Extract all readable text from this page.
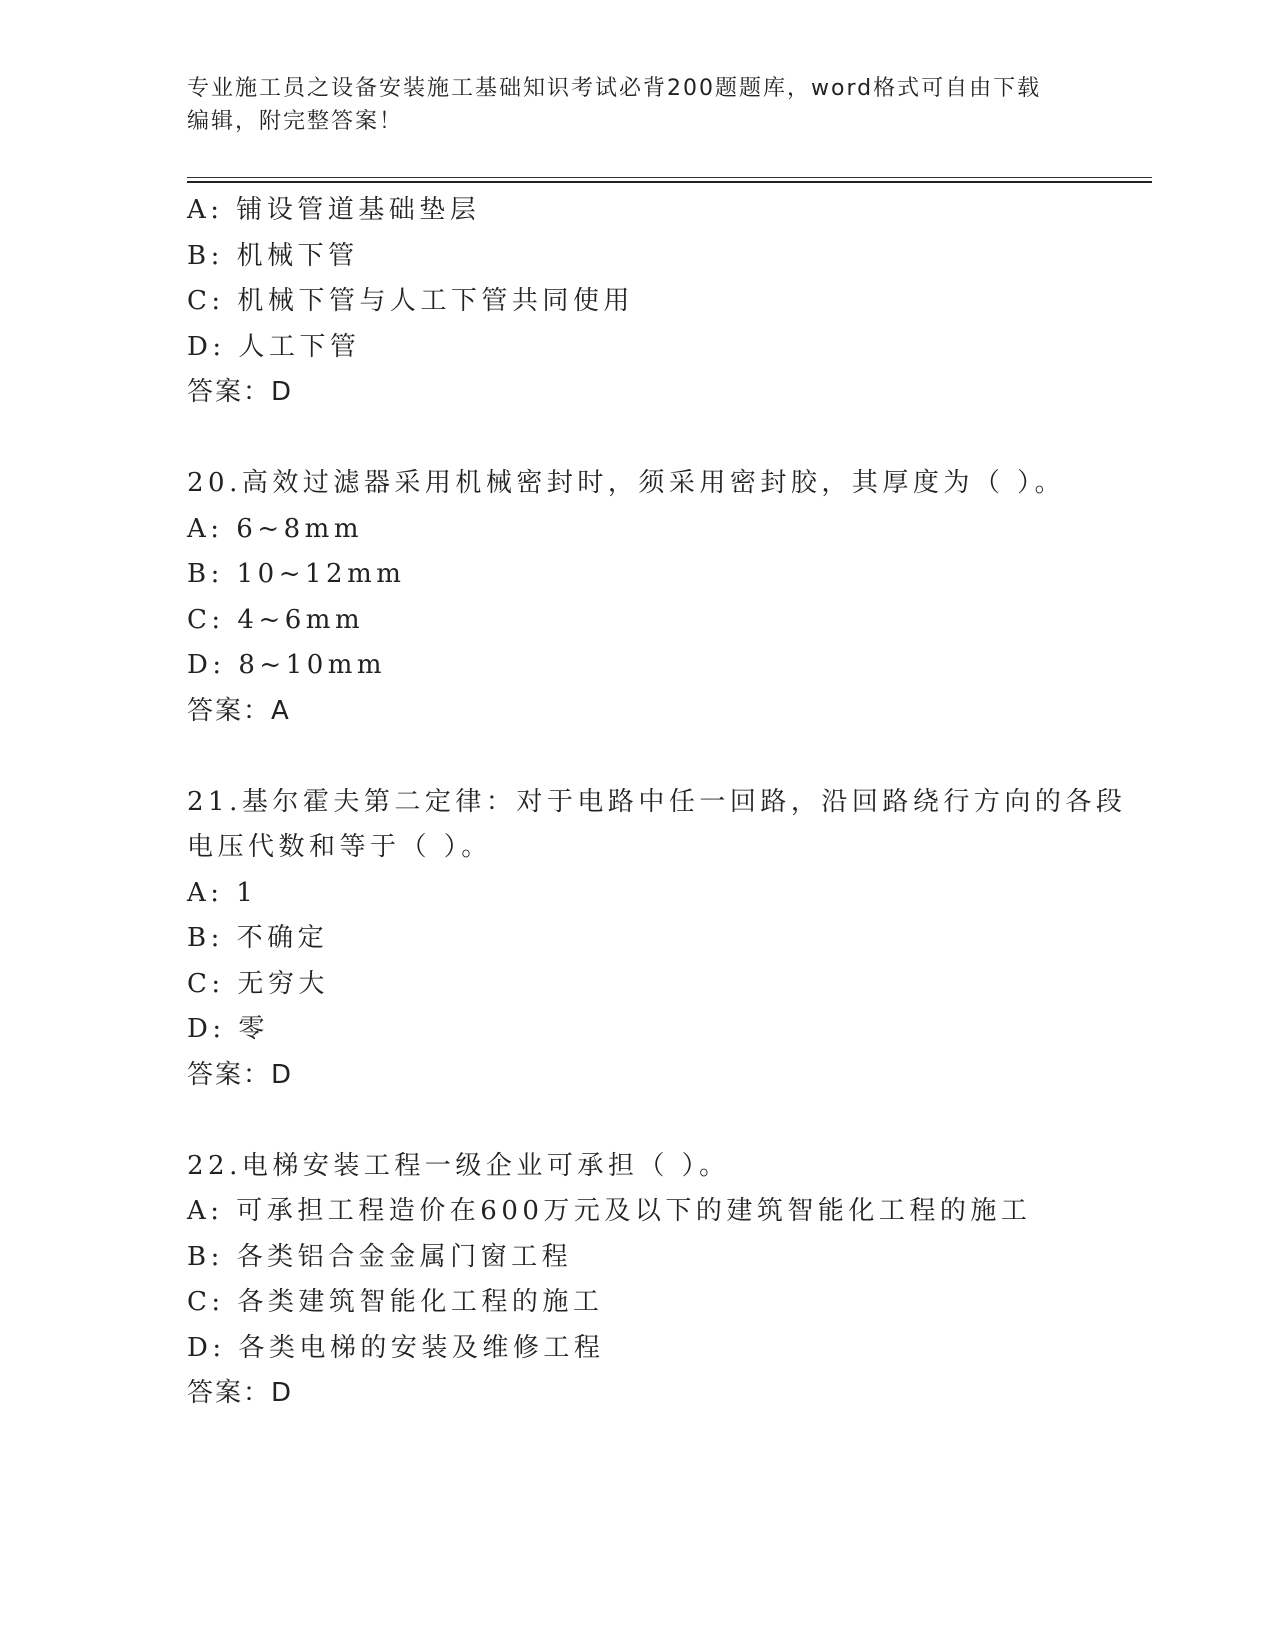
专业施工员之设备安装施工基础知识考试必背200题题库，word格式可自由下载
编辑，附完整答案！
A: 铺设管道基础垫层
B: 机械下管
C: 机械下管与人工下管共同使用
D: 人工下管
答案：D
20.高效过滤器采用机械密封时，须采用密封胶，其厚度为（ ）。
A: 6~8mm
B: 10~12mm
C: 4~6mm
D: 8~10mm
答案：A
21.基尔霍夫第二定律：对于电路中任一回路，沿回路绕行方向的各段
电压代数和等于（ ）。
A: 1
B: 不确定
C: 无穷大
D: 零
答案：D
22.电梯安装工程一级企业可承担（ ）。
A: 可承担工程造价在600万元及以下的建筑智能化工程的施工
B: 各类铝合金金属门窗工程
C: 各类建筑智能化工程的施工
D: 各类电梯的安装及维修工程
答案：D
